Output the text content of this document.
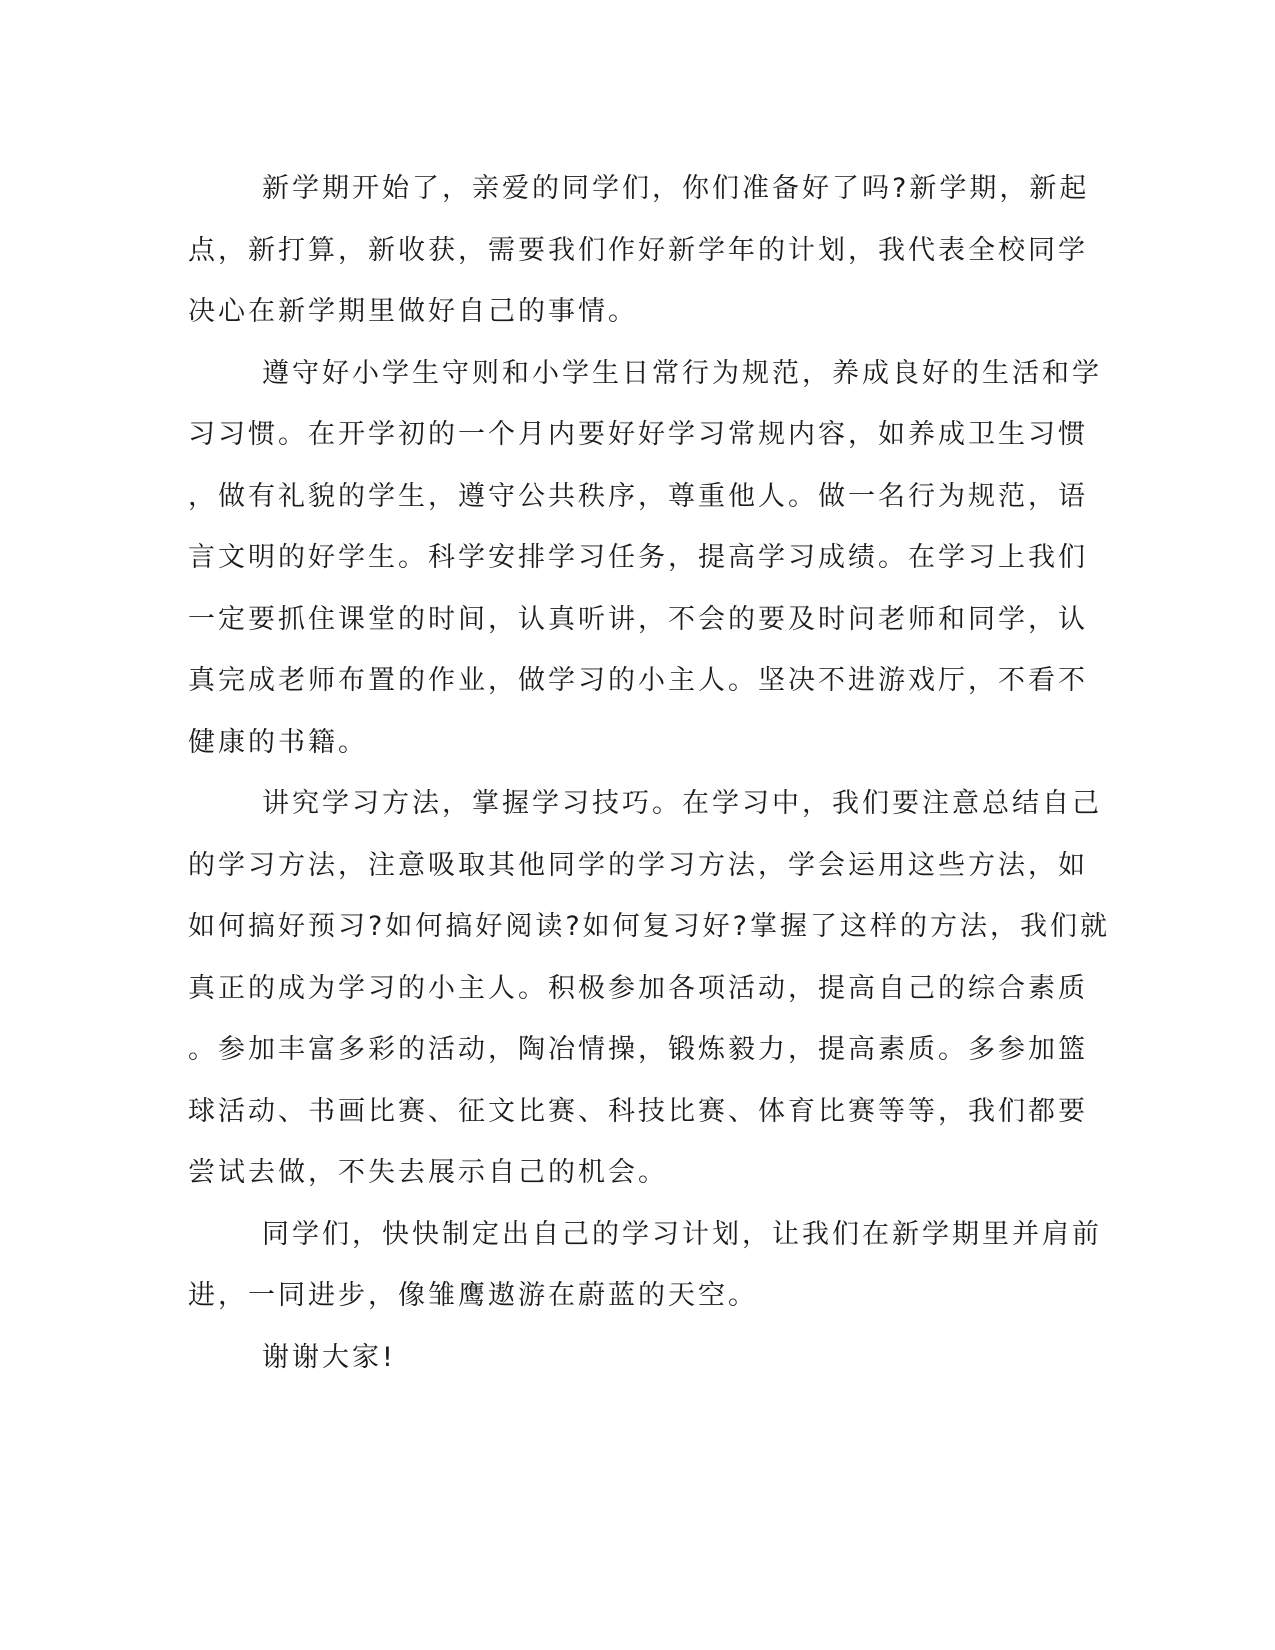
新学期开始了，亲爱的同学们，你们准备好了吗?新学期，新起
点，新打算，新收获，需要我们作好新学年的计划，我代表全校同学
决心在新学期里做好自己的事情。
遵守好小学生守则和小学生日常行为规范，养成良好的生活和学
习习惯。在开学初的一个月内要好好学习常规内容，如养成卫生习惯
，做有礼貌的学生，遵守公共秩序，尊重他人。做一名行为规范，语
言文明的好学生。科学安排学习任务，提高学习成绩。在学习上我们
一定要抓住课堂的时间，认真听讲，不会的要及时问老师和同学，认
真完成老师布置的作业，做学习的小主人。坚决不进游戏厅，不看不
健康的书籍。
讲究学习方法，掌握学习技巧。在学习中，我们要注意总结自己
的学习方法，注意吸取其他同学的学习方法，学会运用这些方法，如
如何搞好预习?如何搞好阅读?如何复习好?掌握了这样的方法，我们就
真正的成为学习的小主人。积极参加各项活动，提高自己的综合素质
。参加丰富多彩的活动，陶冶情操，锻炼毅力，提高素质。多参加篮
球活动、书画比赛、征文比赛、科技比赛、体育比赛等等，我们都要
尝试去做，不失去展示自己的机会。
同学们，快快制定出自己的学习计划，让我们在新学期里并肩前
进，一同进步，像雏鹰遨游在蔚蓝的天空。
谢谢大家!
